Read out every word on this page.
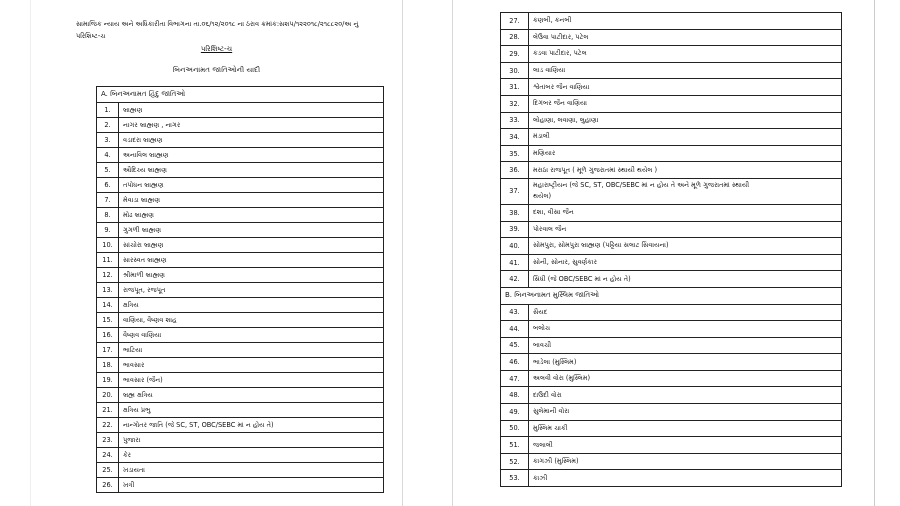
સામાજિક ન્યાય અને અધિકારીતા વિભાગના તા.૦૬/૧૨/૨૦૧૮ ના ઠરાવ ક્રમાંક:સશપ/૧૨૨૦૧૮/૨૧૮૮૨૦/અ નું
પરિશિષ્ટ-ચ
પરિશિષ્ટ-ચ
બિનઅનામત જાતિઓની યાદી
A. બિનઅનામત હિંદુ જાતિઓ	
1.	બ્રાહ્મણ
2.	નાગર બ્રાહ્મણ , નાગર
3.	વડાદરા બ્રાહ્મણ
4.	અનાવિલ બ્રાહ્મણ
5.	ઔદિચ્ય બ્રાહ્મણ
6.	તપોધન બ્રાહ્મણ
7.	મેવાડા બ્રાહ્મણ
8.	મોઢ બ્રાહ્મણ
9.	ગુગળી બ્રાહ્મણ
10.	સાંચોરા બ્રાહ્મણ
11.	સારસ્વત બ્રાહ્મણ
12.	શ્રીમાળી બ્રાહ્મણ
13.	રાજપૂત, રજપૂત
14.	ક્ષત્રિય
15.	વાણિયા, વૈષ્ણવ શાહ
16.	વૈષ્ણવ વાણિયા
17.	ભાટિયા
18.	ભાવસાર
19.	ભાવસાર (જૈન)
20.	બ્રહ્મ ક્ષત્રિય
21.	ક્ષત્રિય પ્રભુ
22.	નાન્ગોતર જાતિ (જે SC, ST, OBC/SEBC માં ન હોય તે)
23.	પુજારા
24.	કેર
25.	ખડાયતા
26.	ખત્રી
27.	કણબી, કનબી
28.	લેઉવા પાટીદાર, પટેલ
29.	કડવા પાટીદાર, પટેલ
30.	લાડ વાણિયા
31.	શ્વેતાંબર જૈન વાણિયા
32.	દિગંબર જૈન વાણિયા
33.	લોહાણા, લવાણા, લુહાણા
34.	મંડાલી
35.	મણિયાર
36.	મરાઠા રાજપૂત ( મૂળે ગુજરાતમાં સ્થાયી થયેલ )
37.	મહારાષ્ટ્રીયન (જે SC, ST, OBC/SEBC માં ન હોય તે અને મૂળે ગુજરાતમાં સ્થાયી
થયેલ)

38.	દશા, વીસા જૈન
39.	પોરવાલ જૈન
40.	સોમપુરા, સોમપુરા બ્રાહ્મણ (પટ્ટિયા સલાટ સિવાયના)
41.	સોની, સોનાર, સુવર્ણકાર
42.	સિંધી (જે OBC/SEBC માં ન હોય તે)
B. બિનઅનામત મુસ્લિમ જાતિઓ	
43.	સૈયદ
44.	બલોચ
45.	બાવચી
46.	ભાડેલા (મુસ્લિમ)
47.	અલવી વોરા (મુસ્લિમ)
48.	દાઉદી વોરા
49.	સુલેમાની વોરા
50.	મુસ્લિમ ચાકી
51.	જલાલી
52.	કાગઝી (મુસ્લિમ)
53.	કાઝી
